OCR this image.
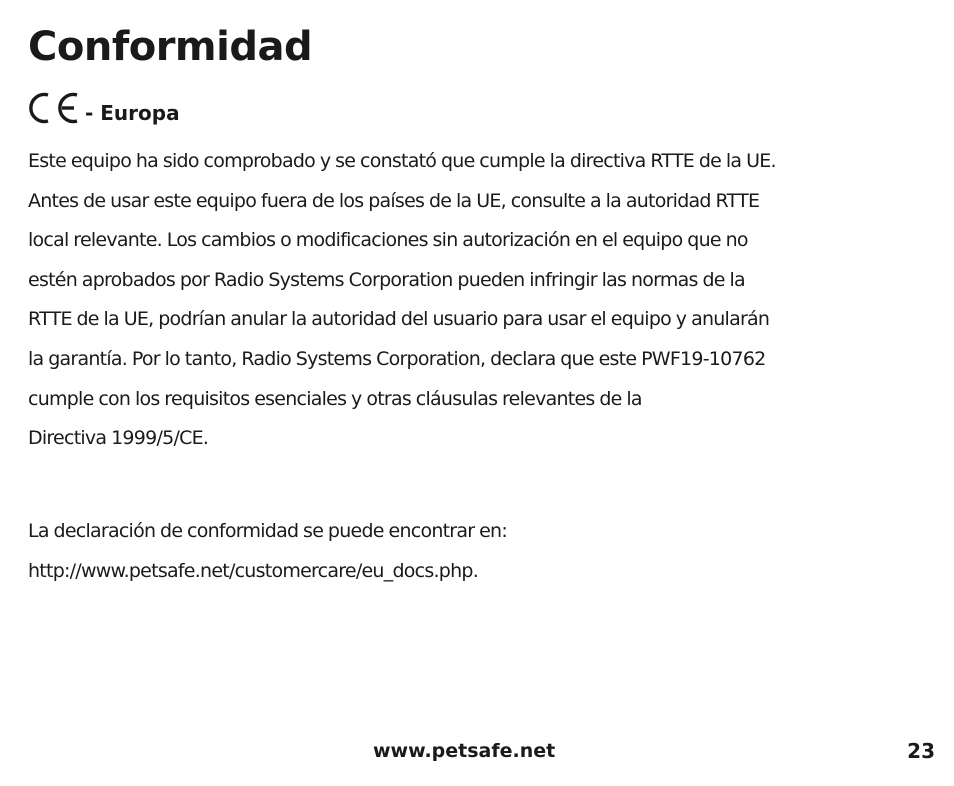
Conformidad
- Europa
Este equipo ha sido comprobado y se constató que cumple la directiva RTTE de la UE.
Antes de usar este equipo fuera de los países de la UE, consulte a la autoridad RTTE
local relevante. Los cambios o modificaciones sin autorización en el equipo que no
estén aprobados por Radio Systems Corporation pueden infringir las normas de la
RTTE de la UE, podrían anular la autoridad del usuario para usar el equipo y anularán
la garantía. Por lo tanto, Radio Systems Corporation, declara que este PWF19-10762
cumple con los requisitos esenciales y otras cláusulas relevantes de la
Directiva 1999/5/CE.
La declaración de conformidad se puede encontrar en:
http://www.petsafe.net/customercare/eu_docs.php.
www.petsafe.net	23
